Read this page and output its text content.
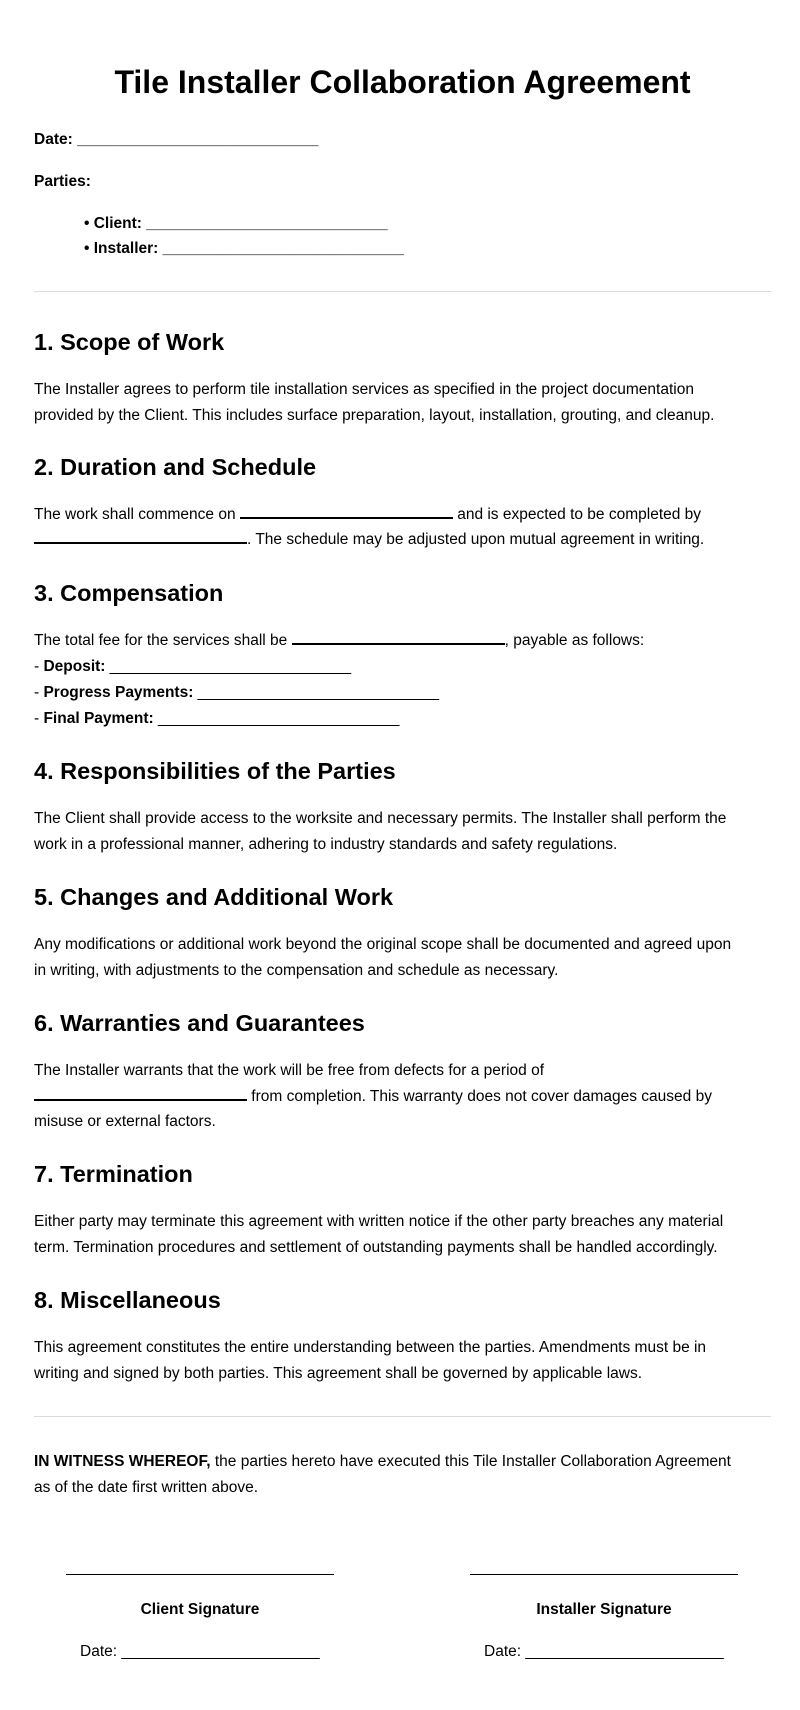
Tile Installer Collaboration Agreement
Date: ____________________________
Parties:
• Client: ____________________________
• Installer: ____________________________
1. Scope of Work
The Installer agrees to perform tile installation services as specified in the project documentation
provided by the Client. This includes surface preparation, layout, installation, grouting, and cleanup.
2. Duration and Schedule
The work shall commence on	and is expected to be completed by
. The schedule may be adjusted upon mutual agreement in writing.
3. Compensation
The total fee for the services shall be	, payable as follows:
- Deposit: ____________________________
- Progress Payments: ____________________________
- Final Payment: ____________________________
4. Responsibilities of the Parties
The Client shall provide access to the worksite and necessary permits. The Installer shall perform the
work in a professional manner, adhering to industry standards and safety regulations.
5. Changes and Additional Work
Any modifications or additional work beyond the original scope shall be documented and agreed upon
in writing, with adjustments to the compensation and schedule as necessary.
6. Warranties and Guarantees
The Installer warrants that the work will be free from defects for a period of
from completion. This warranty does not cover damages caused by
misuse or external factors.
7. Termination
Either party may terminate this agreement with written notice if the other party breaches any material
term. Termination procedures and settlement of outstanding payments shall be handled accordingly.
8. Miscellaneous
This agreement constitutes the entire understanding between the parties. Amendments must be in
writing and signed by both parties. This agreement shall be governed by applicable laws.
IN WITNESS WHEREOF, the parties hereto have executed this Tile Installer Collaboration Agreement
as of the date first written above.
Client Signature	Installer Signature
Date: _______________________	Date: _______________________
